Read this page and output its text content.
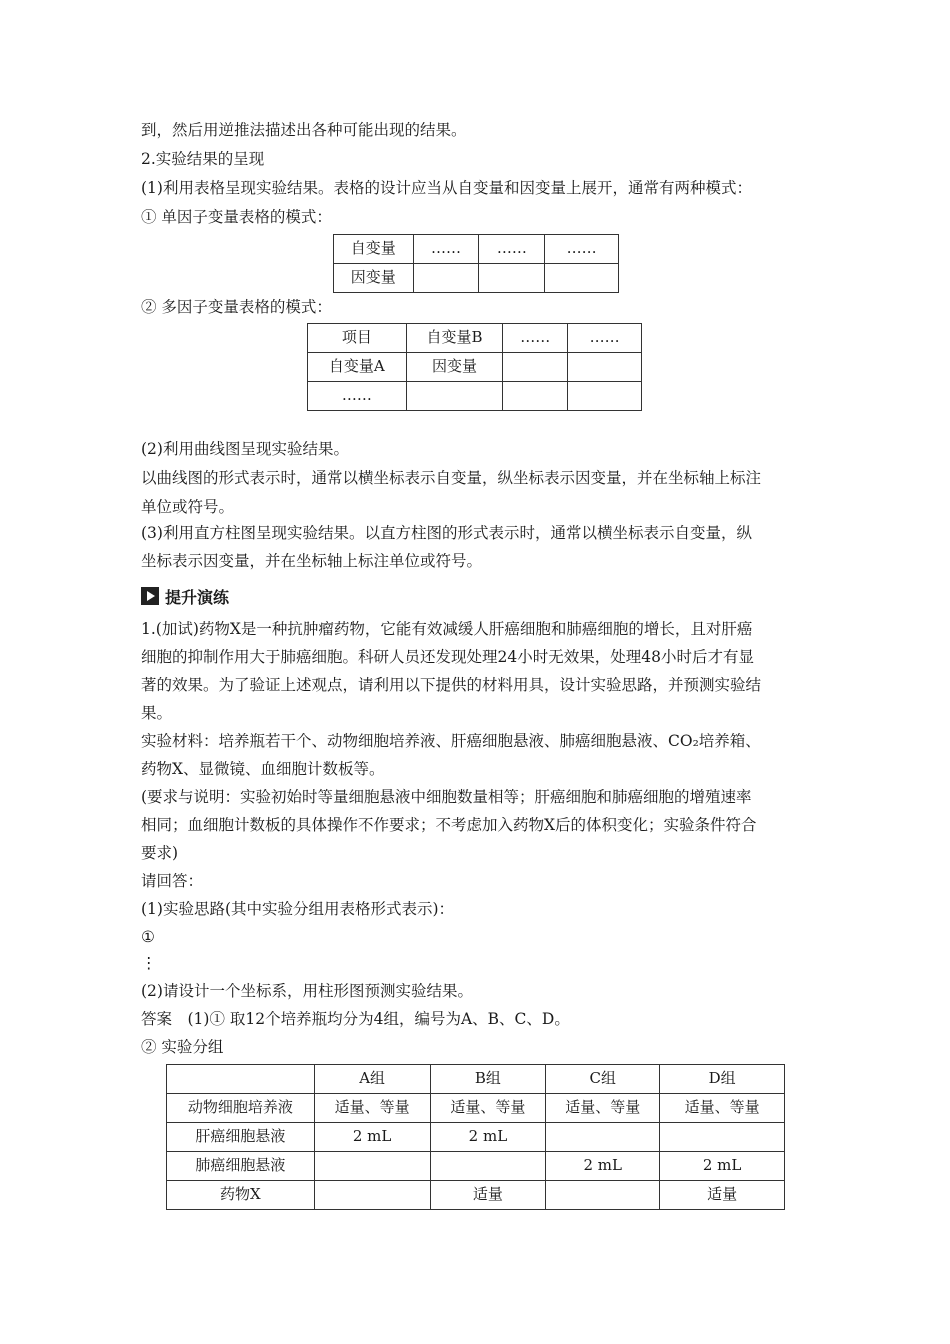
到，然后用逆推法描述出各种可能出现的结果。
2.实验结果的呈现
(1)利用表格呈现实验结果。表格的设计应当从自变量和因变量上展开，通常有两种模式：
① 单因子变量表格的模式：
自变量	……	……	……
因变量			
② 多因子变量表格的模式：
项目	自变量B	……	……
自变量A	因变量		
……			
(2)利用曲线图呈现实验结果。
以曲线图的形式表示时，通常以横坐标表示自变量，纵坐标表示因变量，并在坐标轴上标注
单位或符号。
(3)利用直方柱图呈现实验结果。以直方柱图的形式表示时，通常以横坐标表示自变量，纵
坐标表示因变量，并在坐标轴上标注单位或符号。
提升演练
1.(加试)药物X是一种抗肿瘤药物，它能有效减缓人肝癌细胞和肺癌细胞的增长，且对肝癌
细胞的抑制作用大于肺癌细胞。科研人员还发现处理24小时无效果，处理48小时后才有显
著的效果。为了验证上述观点，请利用以下提供的材料用具，设计实验思路，并预测实验结
果。
实验材料：培养瓶若干个、动物细胞培养液、肝癌细胞悬液、肺癌细胞悬液、CO₂培养箱、
药物X、显微镜、血细胞计数板等。
(要求与说明：实验初始时等量细胞悬液中细胞数量相等；肝癌细胞和肺癌细胞的增殖速率
相同；血细胞计数板的具体操作不作要求；不考虑加入药物X后的体积变化；实验条件符合
要求)
请回答：
(1)实验思路(其中实验分组用表格形式表示)：
①
⋮
(2)请设计一个坐标系，用柱形图预测实验结果。
答案　(1)① 取12个培养瓶均分为4组，编号为A、B、C、D。
② 实验分组
	A组	B组	C组	D组
动物细胞培养液	适量、等量	适量、等量	适量、等量	适量、等量
肝癌细胞悬液	2 mL	2 mL		
肺癌细胞悬液			2 mL	2 mL
药物X		适量		适量
